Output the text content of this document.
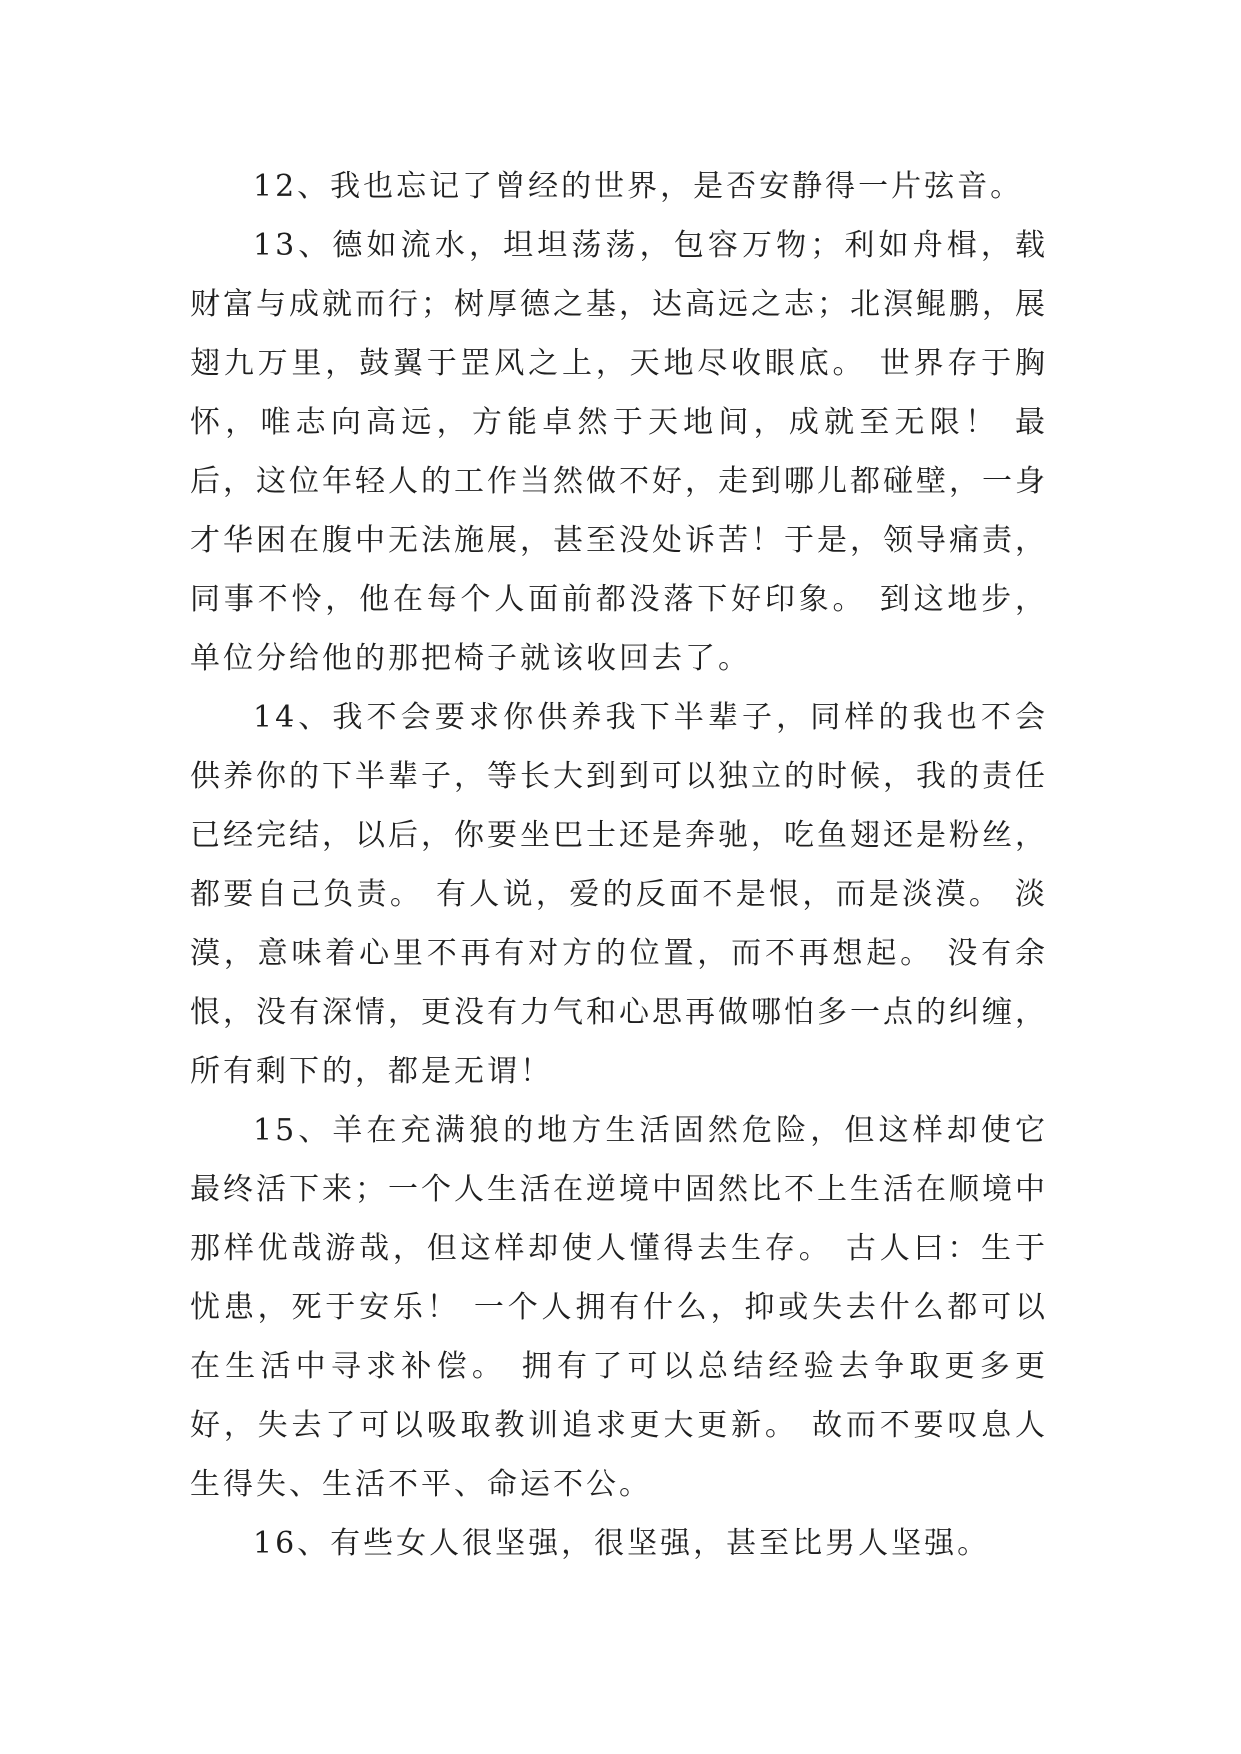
12、我也忘记了曾经的世界，是否安静得一片弦音。

13、德如流水，坦坦荡荡，包容万物；利如舟楫，载财富与成就而行；树厚德之基，达高远之志；北溟鲲鹏，展翅九万里，鼓翼于罡风之上，天地尽收眼底。 世界存于胸怀，唯志向高远，方能卓然于天地间，成就至无限！ 最后，这位年轻人的工作当然做不好，走到哪儿都碰壁，一身才华困在腹中无法施展，甚至没处诉苦！于是，领导痛责，同事不怜，他在每个人面前都没落下好印象。 到这地步，单位分给他的那把椅子就该收回去了。

14、我不会要求你供养我下半辈子，同样的我也不会供养你的下半辈子，等长大到到可以独立的时候，我的责任已经完结，以后，你要坐巴士还是奔驰，吃鱼翅还是粉丝，都要自己负责。 有人说，爱的反面不是恨，而是淡漠。 淡漠，意味着心里不再有对方的位置，而不再想起。 没有余恨，没有深情，更没有力气和心思再做哪怕多一点的纠缠，所有剩下的，都是无谓！

15、羊在充满狼的地方生活固然危险，但这样却使它最终活下来；一个人生活在逆境中固然比不上生活在顺境中那样优哉游哉，但这样却使人懂得去生存。 古人曰：生于忧患，死于安乐！ 一个人拥有什么，抑或失去什么都可以在生活中寻求补偿。 拥有了可以总结经验去争取更多更好，失去了可以吸取教训追求更大更新。 故而不要叹息人生得失、生活不平、命运不公。

16、有些女人很坚强，很坚强，甚至比男人坚强。
